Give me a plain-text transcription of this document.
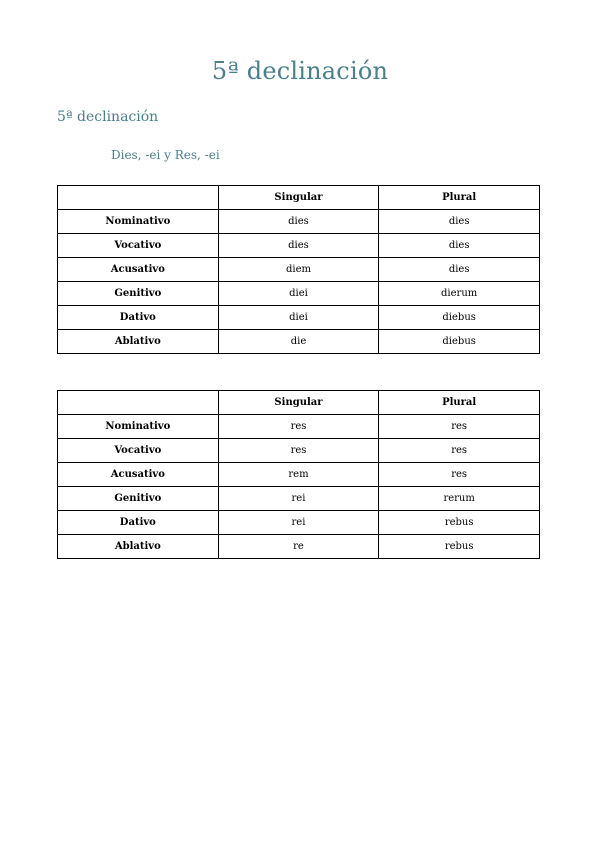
5ª declinación
5ª declinación
Dies, -ei y Res, -ei
	Singular	Plural
Nominativo	dies	dies
Vocativo	dies	dies
Acusativo	diem	dies
Genitivo	diei	dierum
Dativo	diei	diebus
Ablativo	die	diebus
	Singular	Plural
Nominativo	res	res
Vocativo	res	res
Acusativo	rem	res
Genitivo	rei	rerum
Dativo	rei	rebus
Ablativo	re	rebus
